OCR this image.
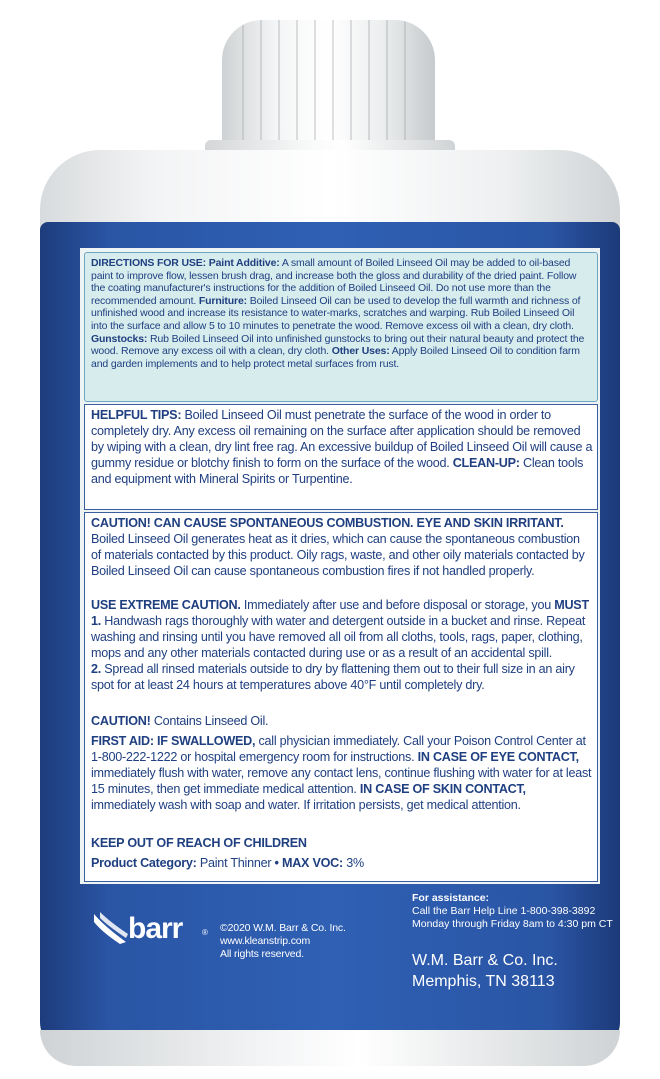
DIRECTIONS FOR USE: Paint Additive: A small amount of Boiled Linseed Oil may be added to oil-based paint to improve flow, lessen brush drag, and increase both the gloss and durability of the dried paint. Follow the coating manufacturer's instructions for the addition of Boiled Linseed Oil. Do not use more than the recommended amount. Furniture: Boiled Linseed Oil can be used to develop the full warmth and richness of unfinished wood and increase its resistance to water-marks, scratches and warping. Rub Boiled Linseed Oil into the surface and allow 5 to 10 minutes to penetrate the wood. Remove excess oil with a clean, dry cloth. Gunstocks: Rub Boiled Linseed Oil into unfinished gunstocks to bring out their natural beauty and protect the wood. Remove any excess oil with a clean, dry cloth. Other Uses: Apply Boiled Linseed Oil to condition farm and garden implements and to help protect metal surfaces from rust.
HELPFUL TIPS: Boiled Linseed Oil must penetrate the surface of the wood in order to completely dry. Any excess oil remaining on the surface after application should be removed by wiping with a clean, dry lint free rag. An excessive buildup of Boiled Linseed Oil will cause a gummy residue or blotchy finish to form on the surface of the wood. CLEAN-UP: Clean tools and equipment with Mineral Spirits or Turpentine.
CAUTION! CAN CAUSE SPONTANEOUS COMBUSTION. EYE AND SKIN IRRITANT. Boiled Linseed Oil generates heat as it dries, which can cause the spontaneous combustion of materials contacted by this product. Oily rags, waste, and other oily materials contacted by Boiled Linseed Oil can cause spontaneous combustion fires if not handled properly.
USE EXTREME CAUTION. Immediately after use and before disposal or storage, you MUST 1. Handwash rags thoroughly with water and detergent outside in a bucket and rinse. Repeat washing and rinsing until you have removed all oil from all cloths, tools, rags, paper, clothing, mops and any other materials contacted during use or as a result of an accidental spill.
2. Spread all rinsed materials outside to dry by flattening them out to their full size in an airy spot for at least 24 hours at temperatures above 40°F until completely dry.
CAUTION! Contains Linseed Oil.
FIRST AID: IF SWALLOWED, call physician immediately. Call your Poison Control Center at 1-800-222-1222 or hospital emergency room for instructions. IN CASE OF EYE CONTACT, immediately flush with water, remove any contact lens, continue flushing with water for at least 15 minutes, then get immediate medical attention. IN CASE OF SKIN CONTACT, immediately wash with soap and water. If irritation persists, get medical attention.
KEEP OUT OF REACH OF CHILDREN
Product Category: Paint Thinner • MAX VOC: 3%
barr ® ©2020 W.M. Barr & Co. Inc.
www.kleanstrip.com
All rights reserved.
For assistance:
Call the Barr Help Line 1-800-398-3892
Monday through Friday 8am to 4:30 pm CT
W.M. Barr & Co. Inc.
Memphis, TN 38113
